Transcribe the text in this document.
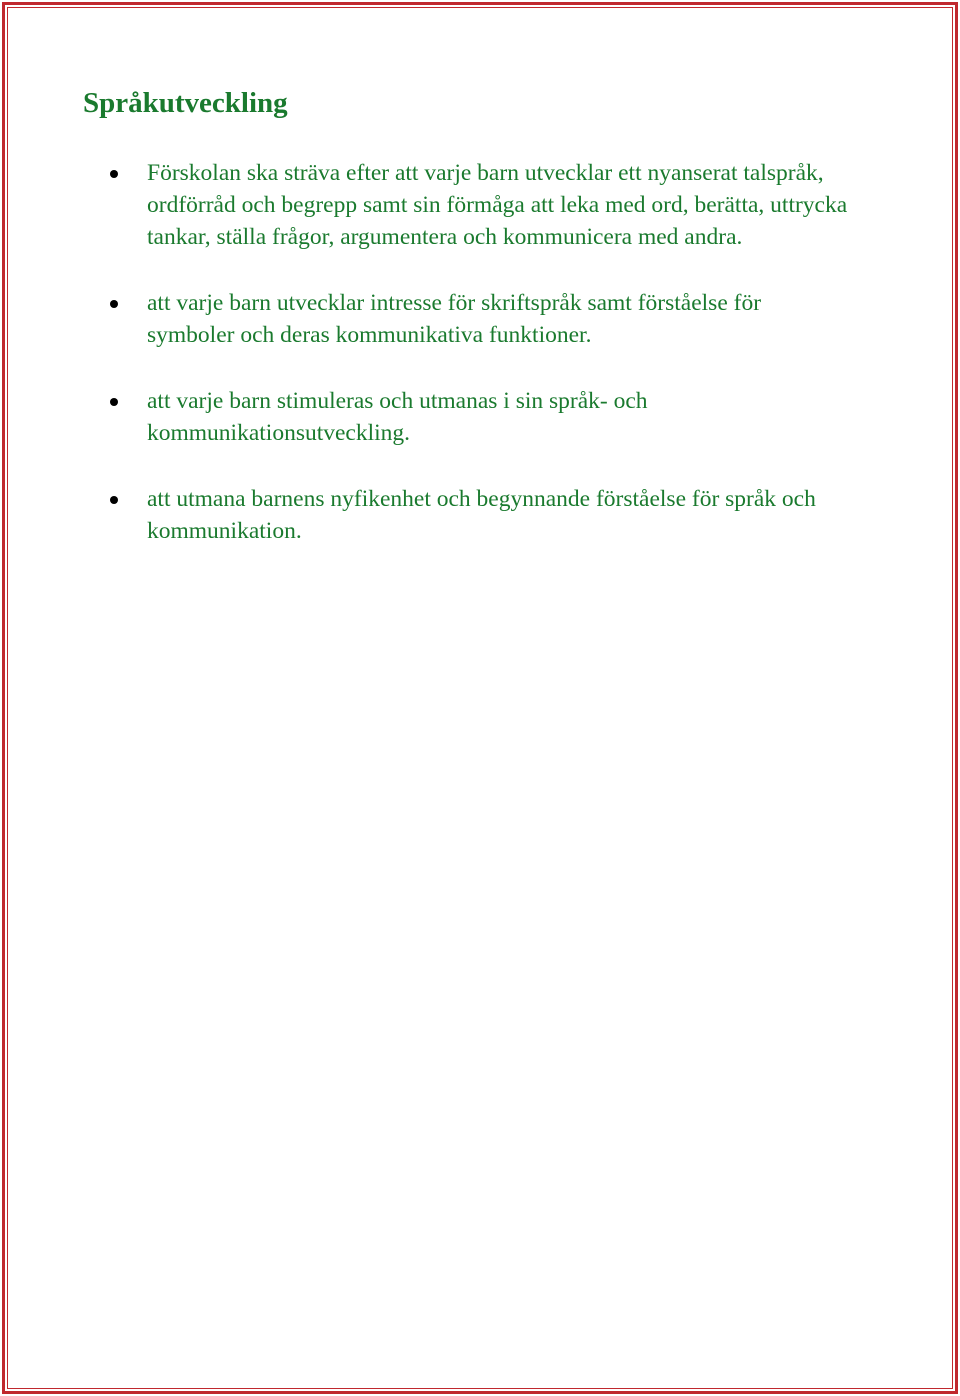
Språkutveckling
Förskolan ska sträva efter att varje barn utvecklar ett nyanserat talspråk, ordförråd och begrepp samt sin förmåga att leka med ord, berätta, uttrycka tankar, ställa frågor, argumentera och kommunicera med andra.
att varje barn utvecklar intresse för skriftspråk samt förståelse för symboler och deras kommunikativa funktioner.
att varje barn stimuleras och utmanas i sin språk- och kommunikationsutveckling.
att utmana barnens nyfikenhet och begynnande förståelse för språk och kommunikation.
